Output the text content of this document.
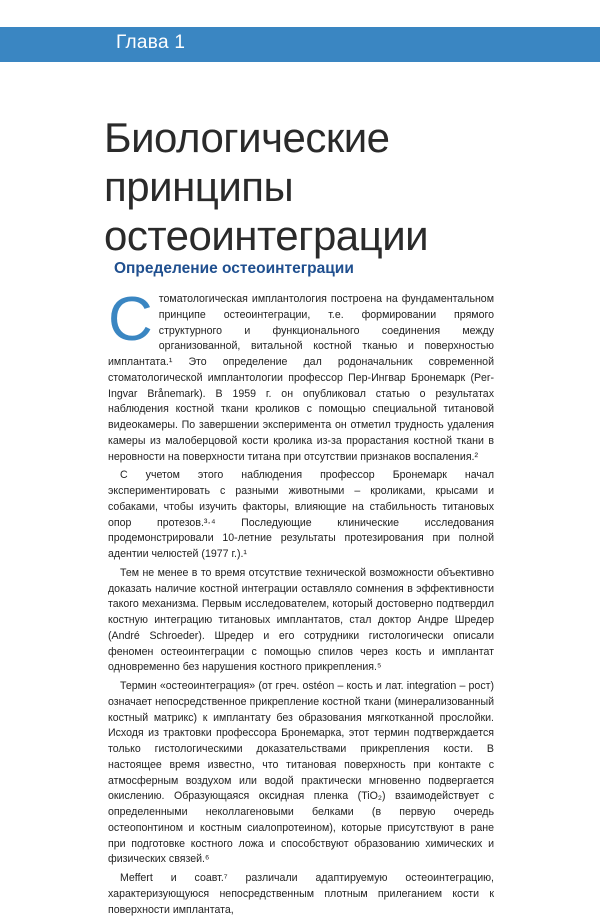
Глава 1
Биологические принципы
остеоинтеграции
Определение остеоинтеграции

Стоматологическая имплантология построена на фундаментальном принципе остеоинтеграции, т.е. формировании прямого структурного и функционального соединения между организованной, витальной костной тканью и поверхностью имплантата.¹ Это определение дал родоначальник современной стоматологической имплантологии профессор Пер-Ингвар Бронемарк (Per-Ingvar Brånemark). В 1959 г. он опубликовал статью о результатах наблюдения костной ткани кроликов с помощью специальной титановой видеокамеры. По завершении эксперимента он отметил трудность удаления камеры из малоберцовой кости кролика из-за прорастания костной ткани в неровности на поверхности титана при отсутствии признаков воспаления.²

С учетом этого наблюдения профессор Бронемарк начал экспериментировать с разными животными – кроликами, крысами и собаками, чтобы изучить факторы, влияющие на стабильность титановых опор протезов.³·⁴ Последующие клинические исследования продемонстрировали 10-летние результаты протезирования при полной адентии челюстей (1977 г.).¹

Тем не менее в то время отсутствие технической возможности объективно доказать наличие костной интеграции оставляло сомнения в эффективности такого механизма. Первым исследователем, который достоверно подтвердил костную интеграцию титановых имплантатов, стал доктор Андре Шредер (André Schroeder). Шредер и его сотрудники гистологически описали феномен остеоинтеграции с помощью спилов через кость и имплантат одновременно без нарушения костного прикрепления.⁵

Термин «остеоинтеграция» (от греч. ostéon – кость и лат. integration – рост) означает непосредственное прикрепление костной ткани (минерализованный костный матрикс) к имплантату без образования мягкотканной прослойки. Исходя из трактовки профессора Бронемарка, этот термин подтверждается только гистологическими доказательствами прикрепления кости. В настоящее время известно, что титановая поверхность при контакте с атмосферным воздухом или водой практически мгновенно подвергается окислению. Образующаяся оксидная пленка (TiO₂) взаимодействует с определенными неколлагеновыми белками (в первую очередь остеопонтином и костным сиалопротеином), которые присутствуют в ране при подготовке костного ложа и способствуют образованию химических и физических связей.⁶

Meffert и соавт.⁷ различали адаптируемую остеоинтеграцию, характеризующуюся непосредственным плотным прилеганием кости к поверхности имплантата,
